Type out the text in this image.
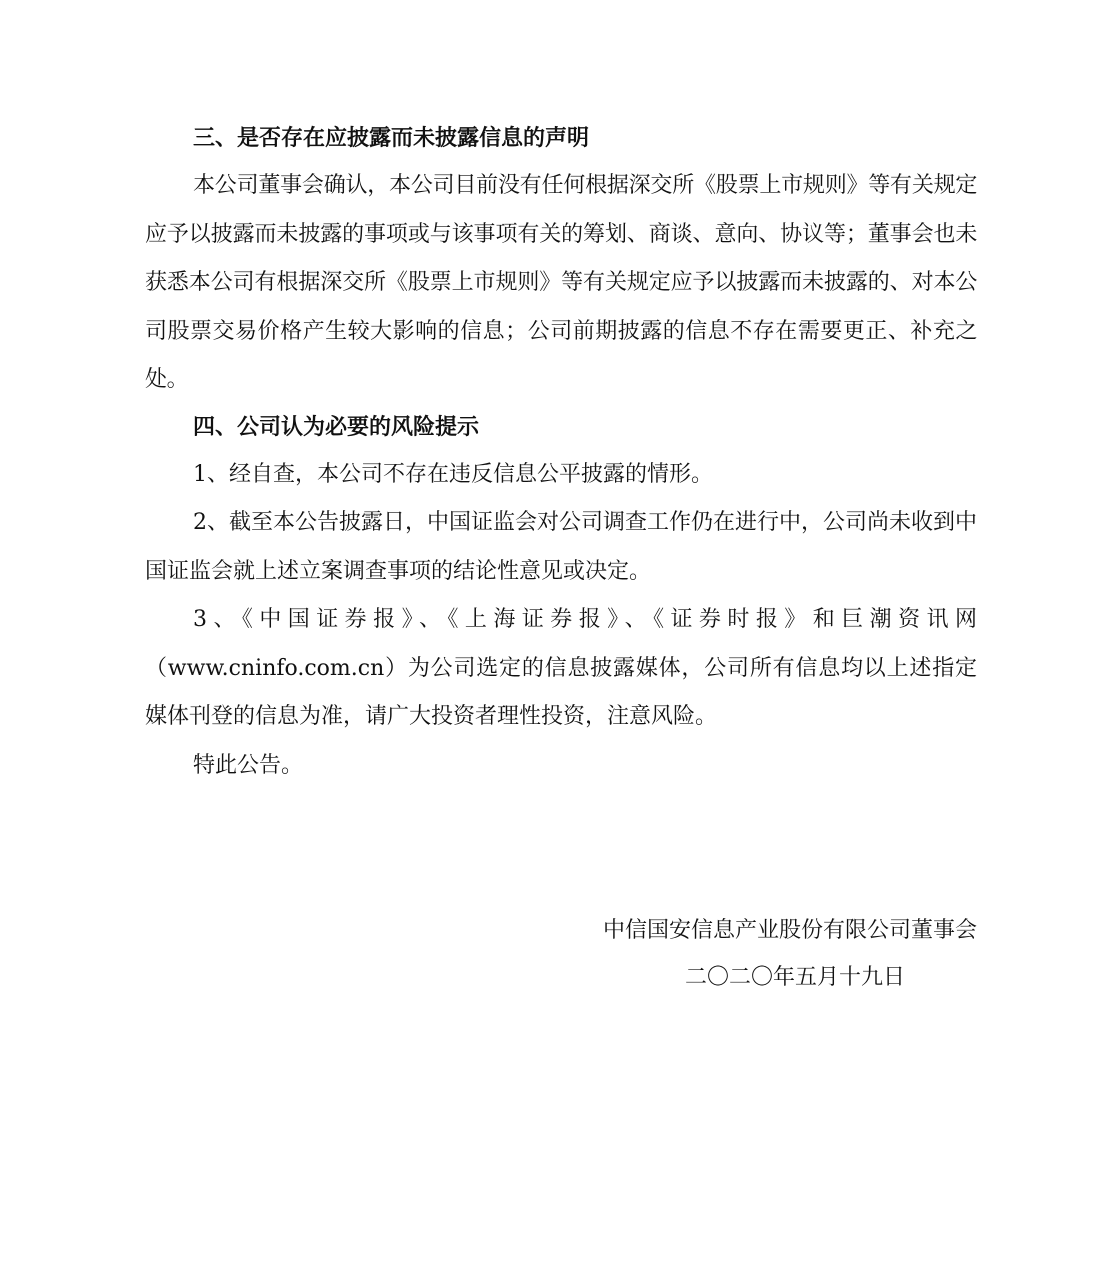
三、是否存在应披露而未披露信息的声明

本公司董事会确认，本公司目前没有任何根据深交所《股票上市规则》等有关规定应予以披露而未披露的事项或与该事项有关的筹划、商谈、意向、协议等；董事会也未获悉本公司有根据深交所《股票上市规则》等有关规定应予以披露而未披露的、对本公司股票交易价格产生较大影响的信息；公司前期披露的信息不存在需要更正、补充之处。

四、公司认为必要的风险提示

1、经自查，本公司不存在违反信息公平披露的情形。

2、截至本公告披露日，中国证监会对公司调查工作仍在进行中，公司尚未收到中国证监会就上述立案调查事项的结论性意见或决定。

3、《中国证券报》、《上海证券报》、《证券时报》和巨潮资讯网（www.cninfo.com.cn）为公司选定的信息披露媒体，公司所有信息均以上述指定媒体刊登的信息为准，请广大投资者理性投资，注意风险。

特此公告。

中信国安信息产业股份有限公司董事会
二〇二〇年五月十九日
